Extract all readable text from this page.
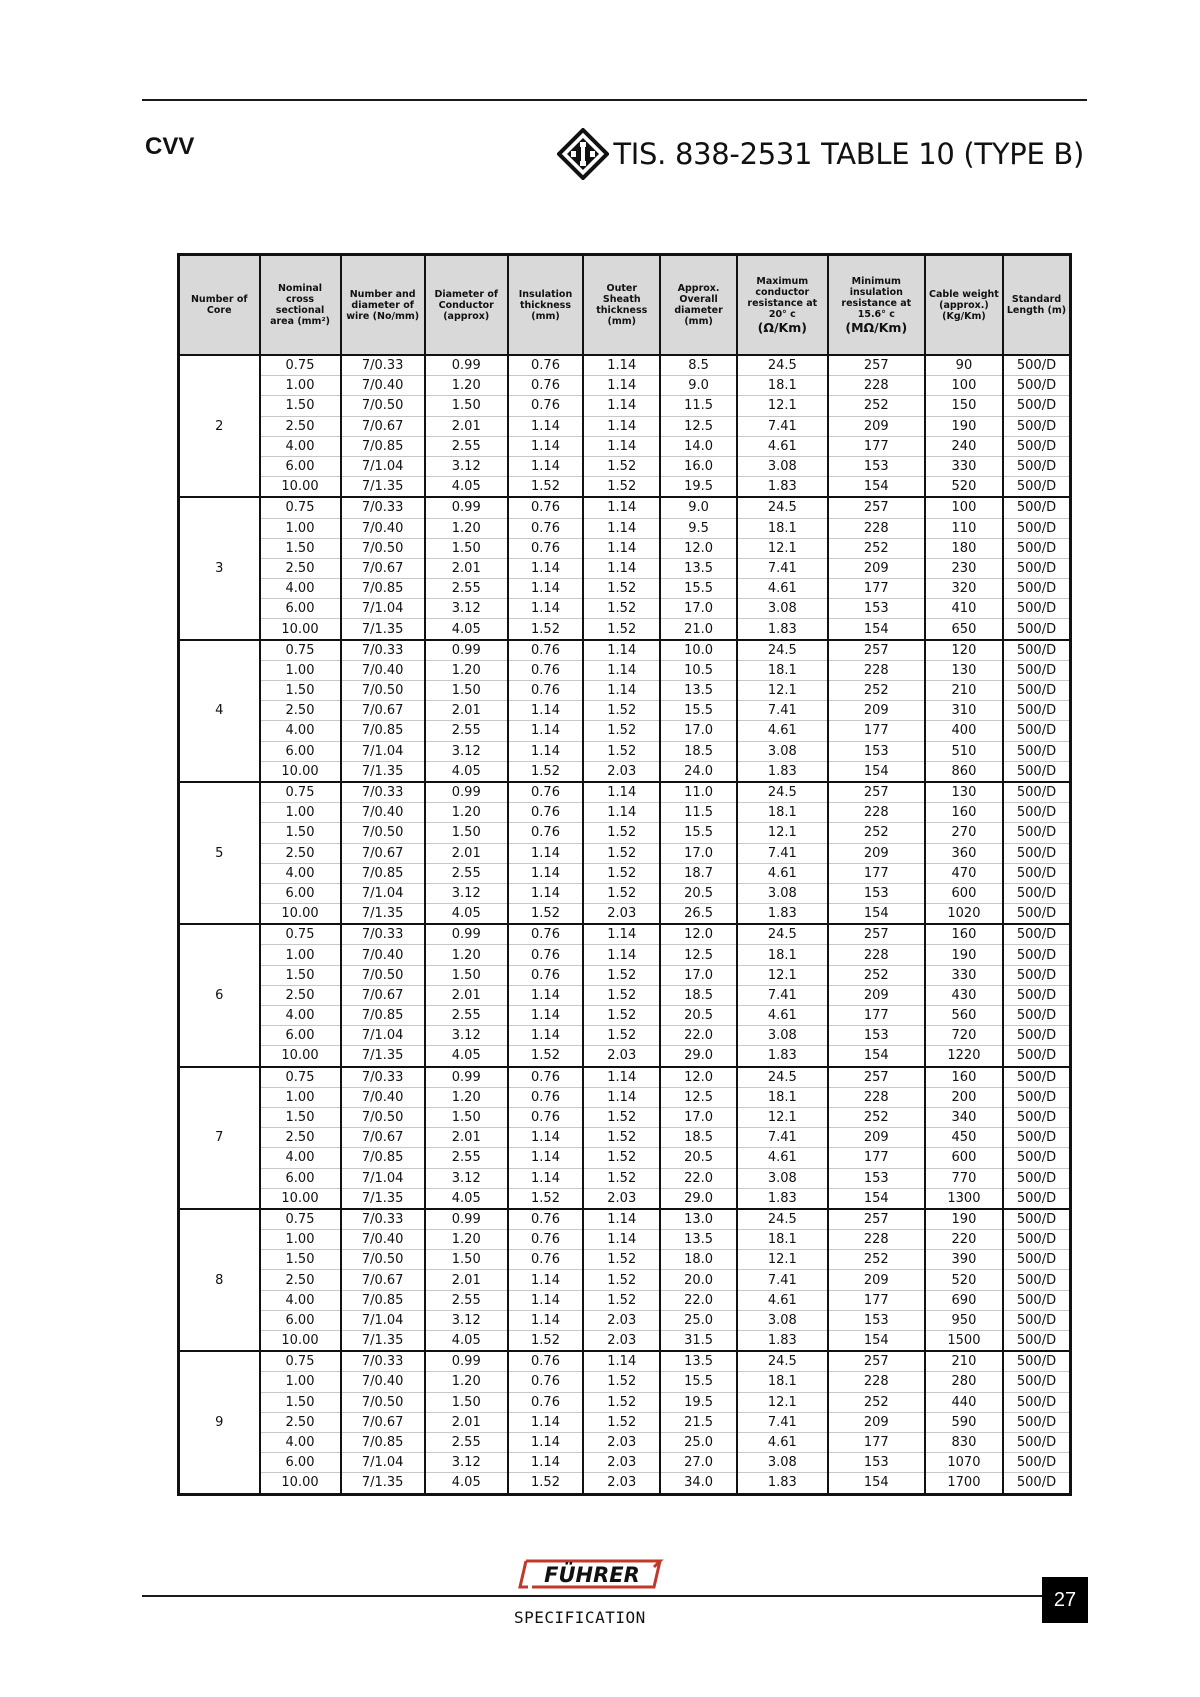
CVV	TIS. 838-2531 TABLE 10 (TYPE B)
Number of Core	Nominal cross sectional area (mm²)	Number and diameter of wire (No/mm)	Diameter of Conductor (approx)	Insulation thickness (mm)	Outer Sheath thickness (mm)	Approx. Overall diameter (mm)	Maximum conductor resistance at 20° c
(Ω/Km)	Minimum insulation resistance at 15.6° c
(MΩ/Km)	Cable weight (approx.) (Kg/Km)	Standard Length (m)
2	0.75	7/0.33	0.99	0.76	1.14	8.5	24.5	257	90	500/D
	1.00	7/0.40	1.20	0.76	1.14	9.0	18.1	228	100	500/D
	1.50	7/0.50	1.50	0.76	1.14	11.5	12.1	252	150	500/D
	2.50	7/0.67	2.01	1.14	1.14	12.5	7.41	209	190	500/D
	4.00	7/0.85	2.55	1.14	1.14	14.0	4.61	177	240	500/D
	6.00	7/1.04	3.12	1.14	1.52	16.0	3.08	153	330	500/D
	10.00	7/1.35	4.05	1.52	1.52	19.5	1.83	154	520	500/D
3	0.75	7/0.33	0.99	0.76	1.14	9.0	24.5	257	100	500/D
	1.00	7/0.40	1.20	0.76	1.14	9.5	18.1	228	110	500/D
	1.50	7/0.50	1.50	0.76	1.14	12.0	12.1	252	180	500/D
	2.50	7/0.67	2.01	1.14	1.14	13.5	7.41	209	230	500/D
	4.00	7/0.85	2.55	1.14	1.52	15.5	4.61	177	320	500/D
	6.00	7/1.04	3.12	1.14	1.52	17.0	3.08	153	410	500/D
	10.00	7/1.35	4.05	1.52	1.52	21.0	1.83	154	650	500/D
4	0.75	7/0.33	0.99	0.76	1.14	10.0	24.5	257	120	500/D
	1.00	7/0.40	1.20	0.76	1.14	10.5	18.1	228	130	500/D
	1.50	7/0.50	1.50	0.76	1.14	13.5	12.1	252	210	500/D
	2.50	7/0.67	2.01	1.14	1.52	15.5	7.41	209	310	500/D
	4.00	7/0.85	2.55	1.14	1.52	17.0	4.61	177	400	500/D
	6.00	7/1.04	3.12	1.14	1.52	18.5	3.08	153	510	500/D
	10.00	7/1.35	4.05	1.52	2.03	24.0	1.83	154	860	500/D
5	0.75	7/0.33	0.99	0.76	1.14	11.0	24.5	257	130	500/D
	1.00	7/0.40	1.20	0.76	1.14	11.5	18.1	228	160	500/D
	1.50	7/0.50	1.50	0.76	1.52	15.5	12.1	252	270	500/D
	2.50	7/0.67	2.01	1.14	1.52	17.0	7.41	209	360	500/D
	4.00	7/0.85	2.55	1.14	1.52	18.7	4.61	177	470	500/D
	6.00	7/1.04	3.12	1.14	1.52	20.5	3.08	153	600	500/D
	10.00	7/1.35	4.05	1.52	2.03	26.5	1.83	154	1020	500/D
6	0.75	7/0.33	0.99	0.76	1.14	12.0	24.5	257	160	500/D
	1.00	7/0.40	1.20	0.76	1.14	12.5	18.1	228	190	500/D
	1.50	7/0.50	1.50	0.76	1.52	17.0	12.1	252	330	500/D
	2.50	7/0.67	2.01	1.14	1.52	18.5	7.41	209	430	500/D
	4.00	7/0.85	2.55	1.14	1.52	20.5	4.61	177	560	500/D
	6.00	7/1.04	3.12	1.14	1.52	22.0	3.08	153	720	500/D
	10.00	7/1.35	4.05	1.52	2.03	29.0	1.83	154	1220	500/D
7	0.75	7/0.33	0.99	0.76	1.14	12.0	24.5	257	160	500/D
	1.00	7/0.40	1.20	0.76	1.14	12.5	18.1	228	200	500/D
	1.50	7/0.50	1.50	0.76	1.52	17.0	12.1	252	340	500/D
	2.50	7/0.67	2.01	1.14	1.52	18.5	7.41	209	450	500/D
	4.00	7/0.85	2.55	1.14	1.52	20.5	4.61	177	600	500/D
	6.00	7/1.04	3.12	1.14	1.52	22.0	3.08	153	770	500/D
	10.00	7/1.35	4.05	1.52	2.03	29.0	1.83	154	1300	500/D
8	0.75	7/0.33	0.99	0.76	1.14	13.0	24.5	257	190	500/D
	1.00	7/0.40	1.20	0.76	1.14	13.5	18.1	228	220	500/D
	1.50	7/0.50	1.50	0.76	1.52	18.0	12.1	252	390	500/D
	2.50	7/0.67	2.01	1.14	1.52	20.0	7.41	209	520	500/D
	4.00	7/0.85	2.55	1.14	1.52	22.0	4.61	177	690	500/D
	6.00	7/1.04	3.12	1.14	2.03	25.0	3.08	153	950	500/D
	10.00	7/1.35	4.05	1.52	2.03	31.5	1.83	154	1500	500/D
9	0.75	7/0.33	0.99	0.76	1.14	13.5	24.5	257	210	500/D
	1.00	7/0.40	1.20	0.76	1.52	15.5	18.1	228	280	500/D
	1.50	7/0.50	1.50	0.76	1.52	19.5	12.1	252	440	500/D
	2.50	7/0.67	2.01	1.14	1.52	21.5	7.41	209	590	500/D
	4.00	7/0.85	2.55	1.14	2.03	25.0	4.61	177	830	500/D
	6.00	7/1.04	3.12	1.14	2.03	27.0	3.08	153	1070	500/D
	10.00	7/1.35	4.05	1.52	2.03	34.0	1.83	154	1700	500/D
FÜHRER
SPECIFICATION
27
